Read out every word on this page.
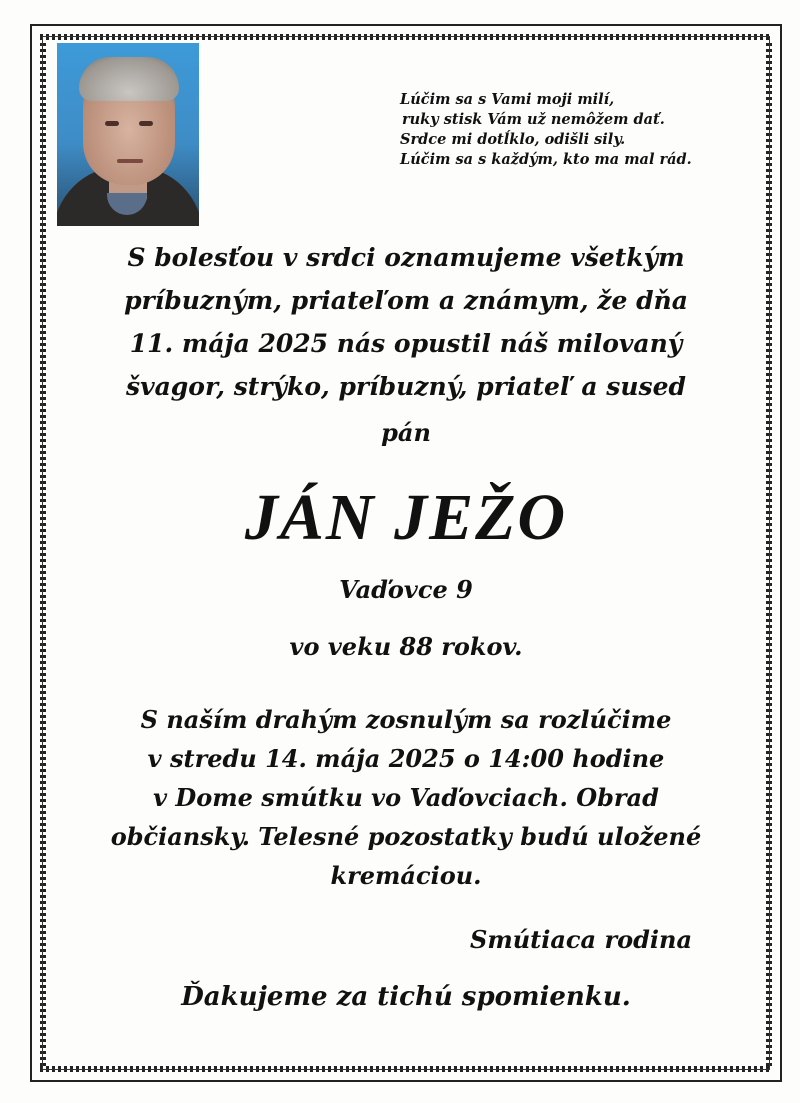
Lúčim sa s Vami moji milí,
ruky stisk Vám už nemôžem dať.
Srdce mi dotĺklo, odišli sily.
Lúčim sa s každým, kto ma mal rád.
S bolesťou v srdci oznamujeme všetkým
príbuzným, priateľom a známym, že dňa
11. mája 2025 nás opustil náš milovaný
švagor, strýko, príbuzný, priateľ a sused
pán
JÁN JEŽO
Vaďovce 9
vo veku 88 rokov.
S naším drahým zosnulým sa rozlúčime
v stredu 14. mája 2025 o 14:00 hodine
v Dome smútku vo Vaďovciach. Obrad
občiansky. Telesné pozostatky budú uložené
kremáciou.
Smútiaca rodina
Ďakujeme za tichú spomienku.
